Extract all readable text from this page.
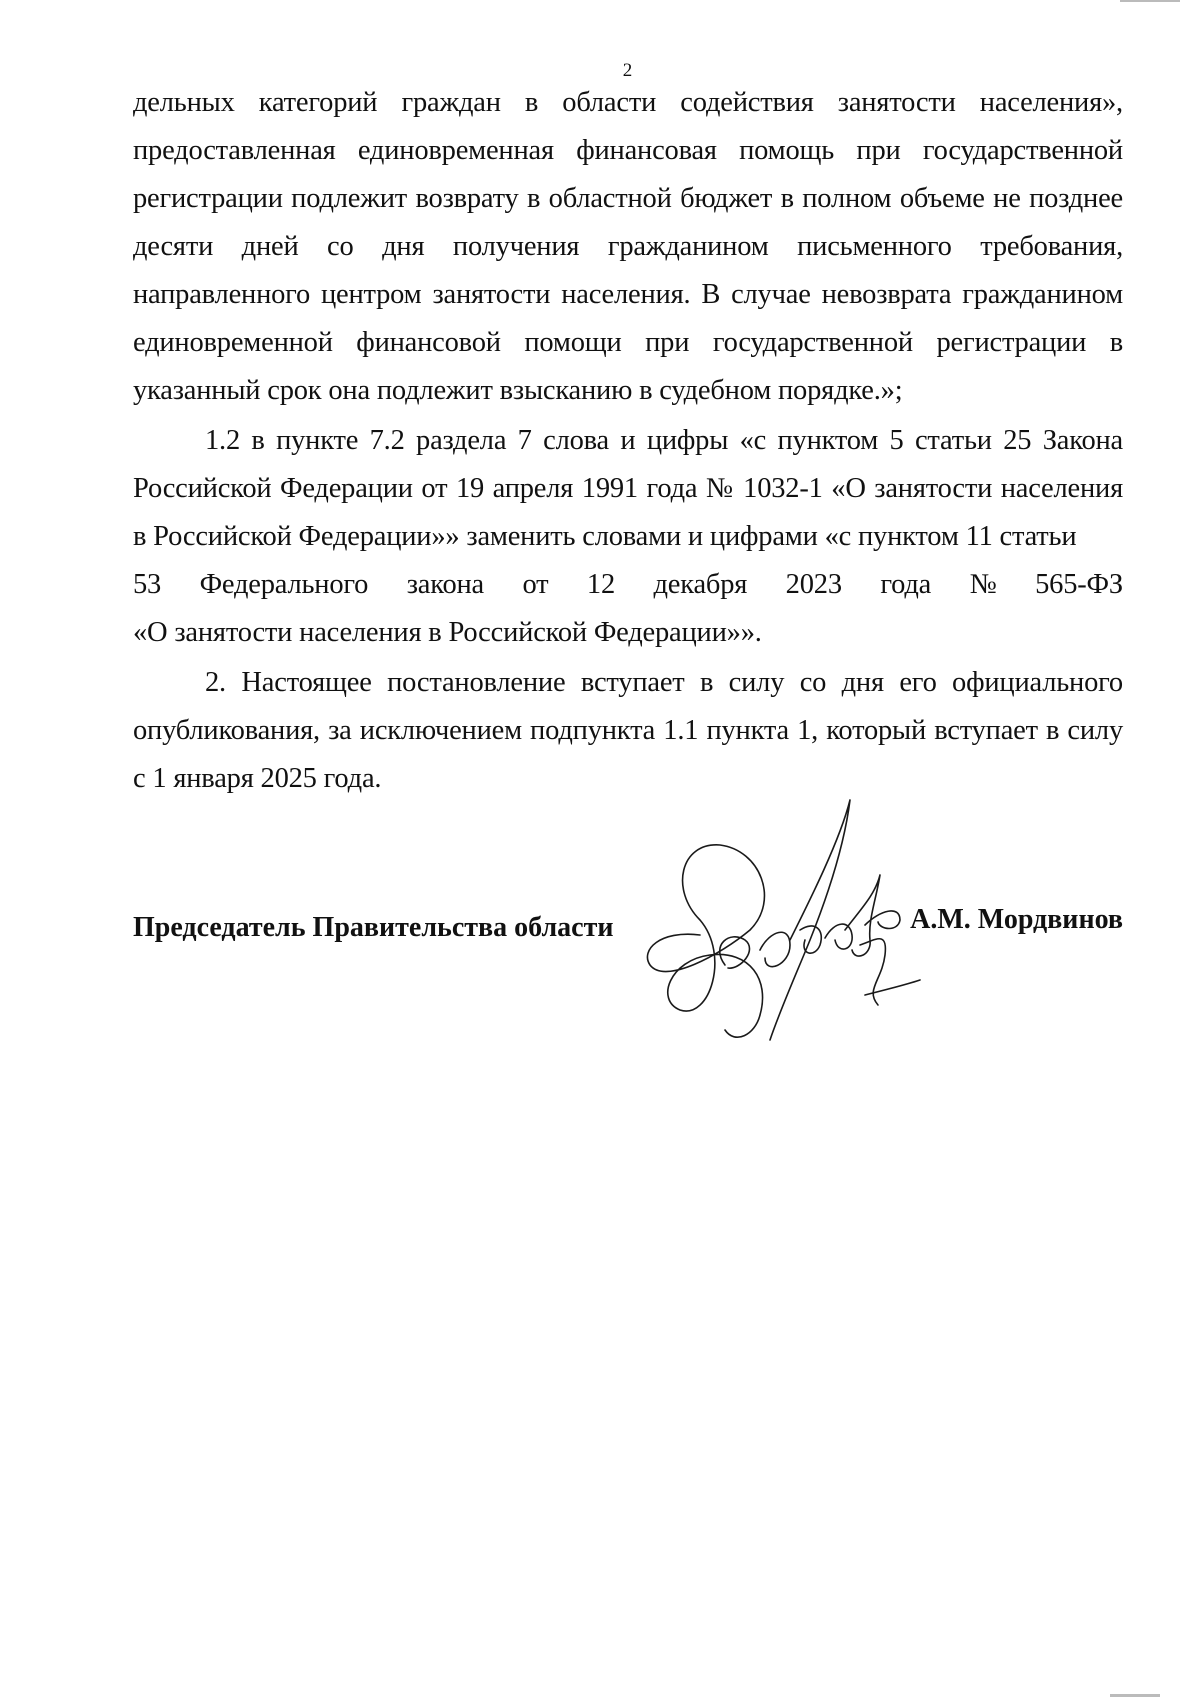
2

дельных категорий граждан в области содействия занятости населения», предоставленная единовременная финансовая помощь при государственной регистрации подлежит возврату в областной бюджет в полном объеме не позднее десяти дней со дня получения гражданином письменного требования, направленного центром занятости населения. В случае невозврата гражданином единовременной финансовой помощи при государственной регистрации в указанный срок она подлежит взысканию в судебном порядке.»;

1.2 в пункте 7.2 раздела 7 слова и цифры «с пунктом 5 статьи 25 Закона Российской Федерации от 19 апреля 1991 года № 1032-1 «О занятости населения в Российской Федерации»» заменить словами и цифрами «с пунктом 11 статьи

53 Федерального закона от 12 декабря 2023 года № 565-ФЗ

«О занятости населения в Российской Федерации»».

2. Настоящее постановление вступает в силу со дня его официального опубликования, за исключением подпункта 1.1 пункта 1, который вступает в силу с 1 января 2025 года.

Председатель Правительства области	А.М. Мордвинов
